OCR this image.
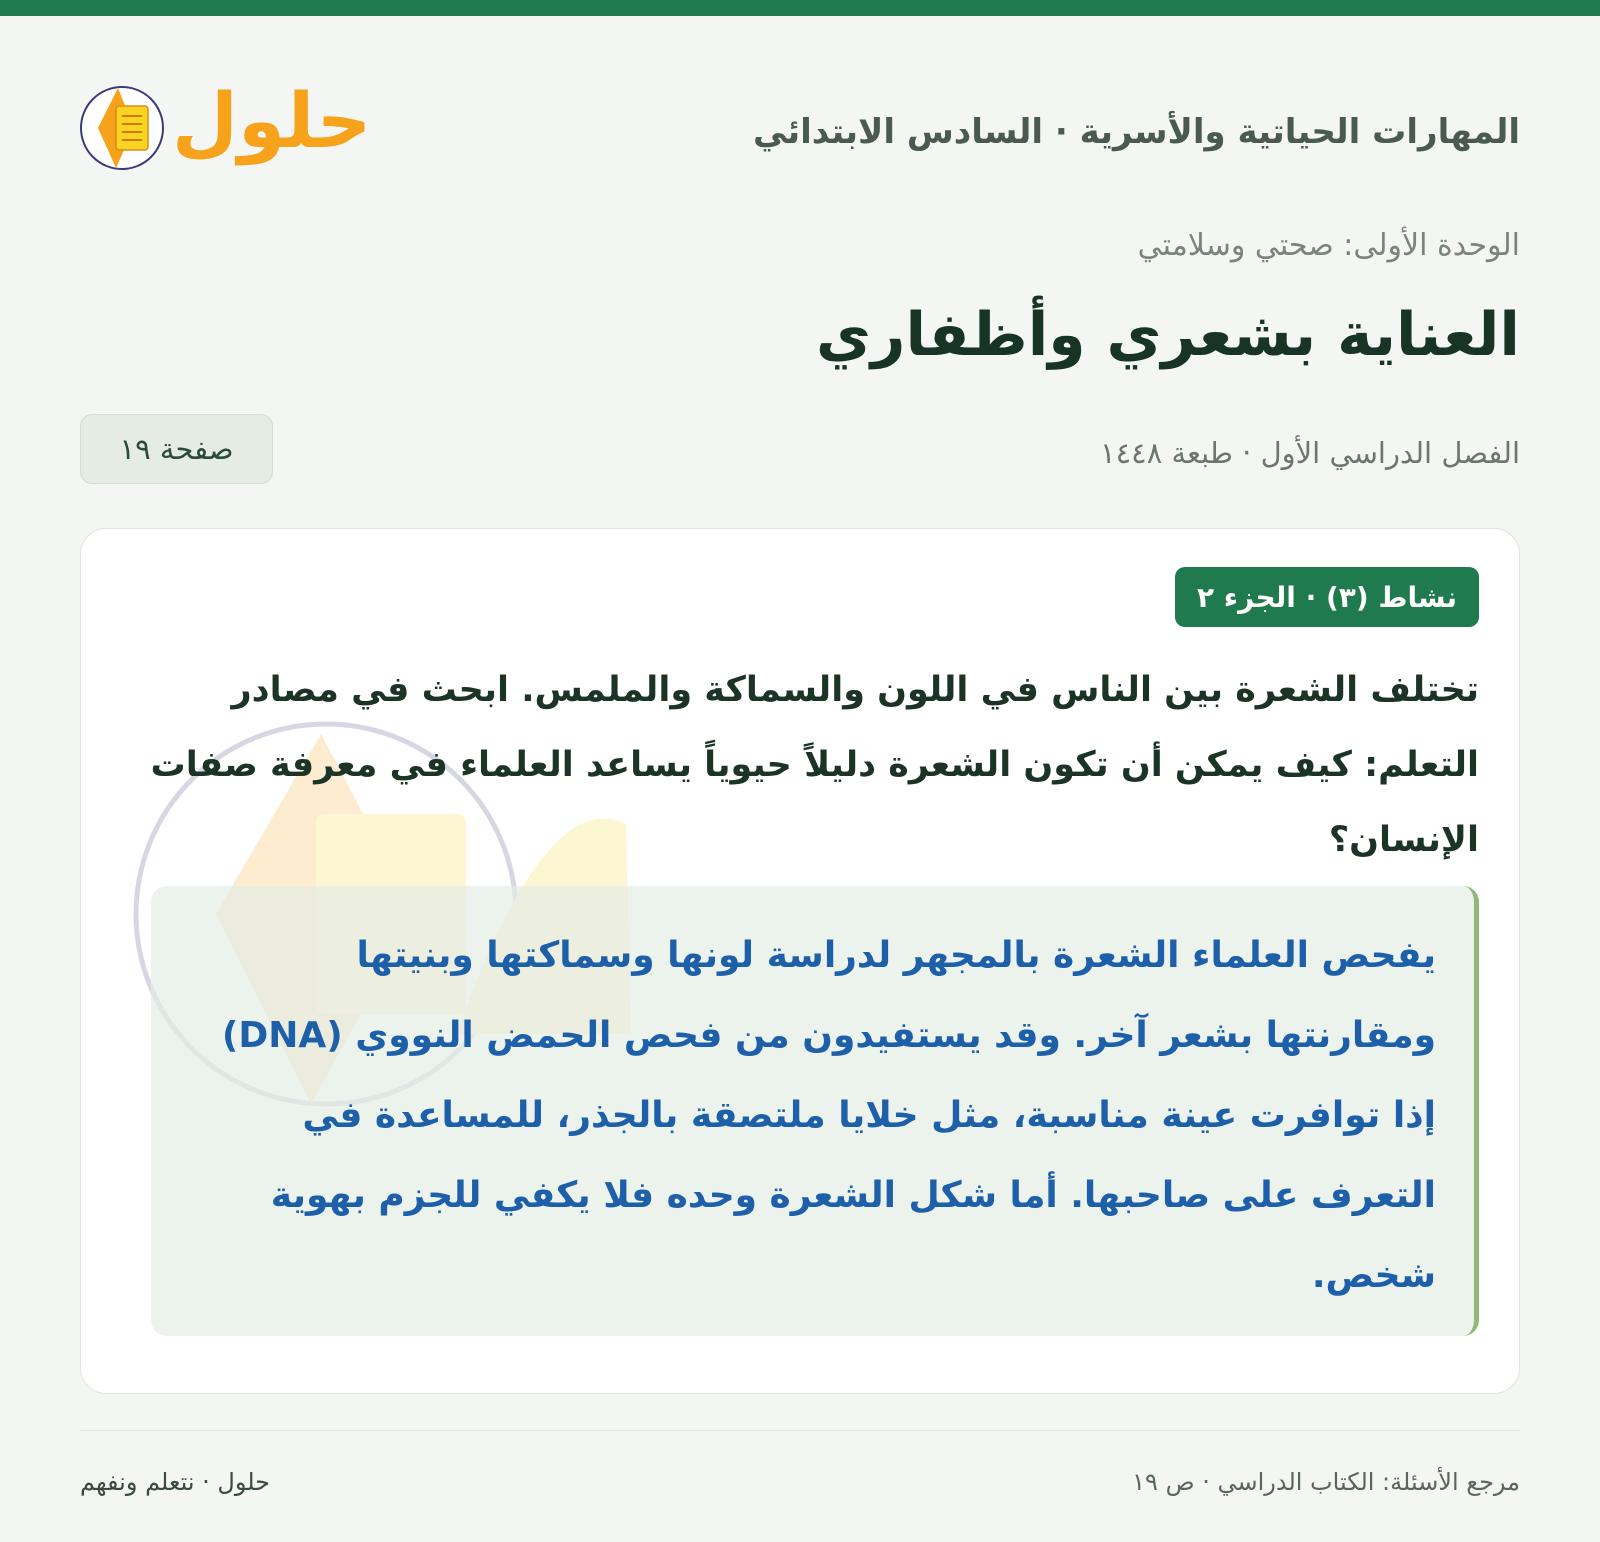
المهارات الحياتية والأسرية · السادس الابتدائي
حلول
الوحدة الأولى: صحتي وسلامتي
العناية بشعري وأظفاري
الفصل الدراسي الأول · طبعة ١٤٤٨
صفحة ١٩
نشاط (٣) · الجزء ٢
تختلف الشعرة بين الناس في اللون والسماكة والملمس. ابحث في مصادر التعلم: كيف يمكن أن تكون الشعرة دليلاً حيوياً يساعد العلماء في معرفة صفات الإنسان؟
يفحص العلماء الشعرة بالمجهر لدراسة لونها وسماكتها وبنيتها ومقارنتها بشعر آخر. وقد يستفيدون من فحص الحمض النووي (DNA) إذا توافرت عينة مناسبة، مثل خلايا ملتصقة بالجذر، للمساعدة في التعرف على صاحبها. أما شكل الشعرة وحده فلا يكفي للجزم بهوية شخص.
حلول · نتعلم ونفهم	مرجع الأسئلة: الكتاب الدراسي · ص ١٩
